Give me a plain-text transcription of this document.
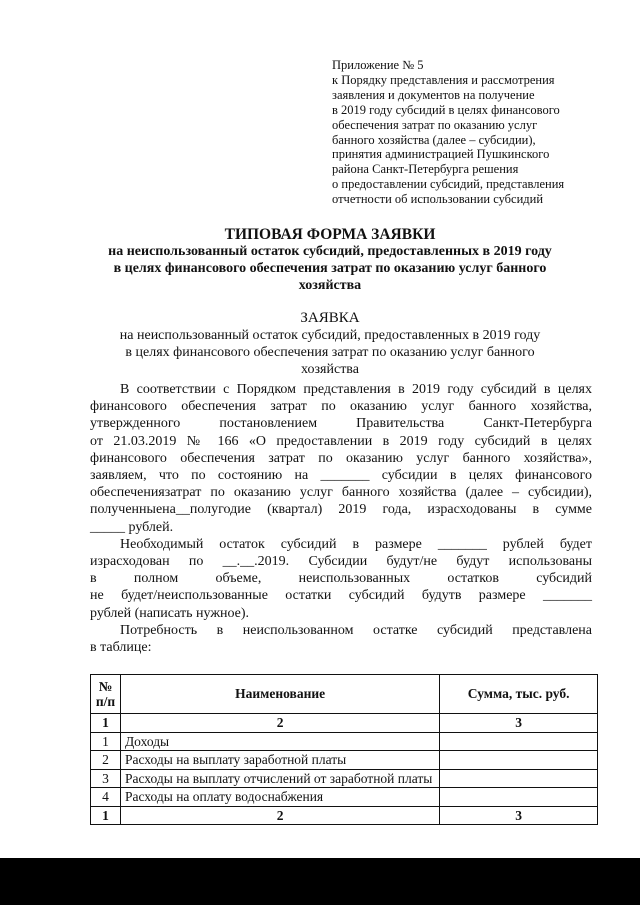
Приложение № 5
к Порядку представления и рассмотрения
заявления и документов на получение
в 2019 году субсидий в целях финансового
обеспечения затрат по оказанию услуг
банного хозяйства (далее – субсидии),
принятия администрацией Пушкинского
района Санкт-Петербурга решения
о предоставлении субсидий, представления
отчетности об использовании субсидий
ТИПОВАЯ ФОРМА ЗАЯВКИ
на неиспользованный остаток субсидий, предоставленных в 2019 году
в целях финансового обеспечения затрат по оказанию услуг банного
хозяйства
ЗАЯВКА
на неиспользованный остаток субсидий, предоставленных в 2019 году
в целях финансового обеспечения затрат по оказанию услуг банного
хозяйства
В соответствии с Порядком представления в 2019 году субсидий в целях
финансового обеспечения затрат по оказанию услуг банного хозяйства,
утвержденного постановлением Правительства Санкт-Петербурга
от 21.03.2019 № 166 «О предоставлении в 2019 году субсидий в целях
финансового обеспечения затрат по оказанию услуг банного хозяйства»,
заявляем, что по состоянию на _______ субсидии в целях финансового
обеспечениязатрат по оказанию услуг банного хозяйства (далее – субсидии),
полученныена__полугодие (квартал) 2019 года, израсходованы в сумме
_____ рублей.
Необходимый остаток субсидий в размере _______ рублей будет
израсходован по __.__.2019. Субсидии будут/не будут использованы
в полном объеме, неиспользованных остатков субсидий
не будет/неиспользованные остатки субсидий будутв размере _______
рублей (написать нужное).
Потребность в неиспользованном остатке субсидий представлена
в таблице:
№ п/п	Наименование	Сумма, тыс. руб.
1	2	3
1	Доходы	
2	Расходы на выплату заработной платы	
3	Расходы на выплату отчислений от заработной платы	
4	Расходы на оплату водоснабжения	
1	2	3
